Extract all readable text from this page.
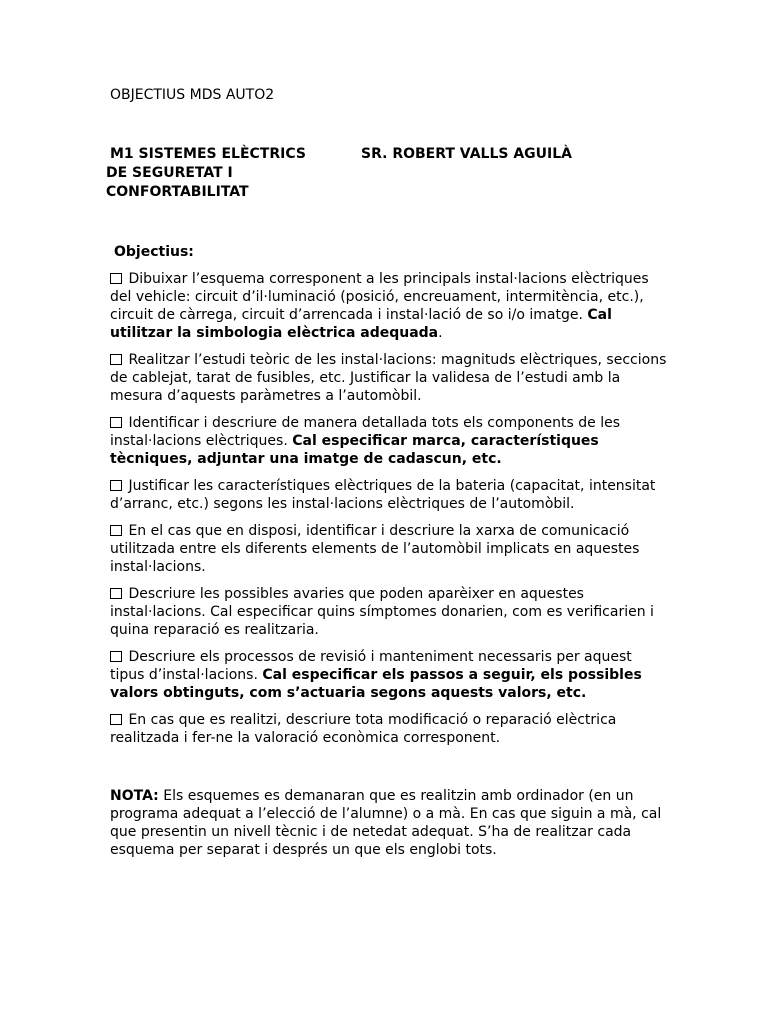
OBJECTIUS MDS AUTO2
M1 SISTEMES ELÈCTRICS
DE SEGURETAT I
CONFORTABILITAT
SR. ROBERT VALLS AGUILÀ
Objectius:
Dibuixar l’esquema corresponent a les principals instal·lacions elèctriques del vehicle: circuit d’il·luminació (posició, encreuament, intermitència, etc.), circuit de càrrega, circuit d’arrencada i instal·lació de so i/o imatge. Cal utilitzar la simbologia elèctrica adequada.
Realitzar l’estudi teòric de les instal·lacions: magnituds elèctriques, seccions de cablejat, tarat de fusibles, etc. Justificar la validesa de l’estudi amb la mesura d’aquests paràmetres a l’automòbil.
Identificar i descriure de manera detallada tots els components de les instal·lacions elèctriques. Cal especificar marca, característiques tècniques, adjuntar una imatge de cadascun, etc.
Justificar les característiques elèctriques de la bateria (capacitat, intensitat d’arranc, etc.) segons les instal·lacions elèctriques de l’automòbil.
En el cas que en disposi, identificar i descriure la xarxa de comunicació utilitzada entre els diferents elements de l’automòbil implicats en aquestes instal·lacions.
Descriure les possibles avaries que poden aparèixer en aquestes instal·lacions. Cal especificar quins símptomes donarien, com es verificarien i quina reparació es realitzaria.
Descriure els processos de revisió i manteniment necessaris per aquest tipus d’instal·lacions. Cal especificar els passos a seguir, els possibles valors obtinguts, com s’actuaria segons aquests valors, etc.
En cas que es realitzi, descriure tota modificació o reparació elèctrica realitzada i fer-ne la valoració econòmica corresponent.
NOTA: Els esquemes es demanaran que es realitzin amb ordinador (en un programa adequat a l’elecció de l’alumne) o a mà. En cas que siguin a mà, cal que presentin un nivell tècnic i de netedat adequat. S’ha de realitzar cada esquema per separat i després un que els englobi tots.
